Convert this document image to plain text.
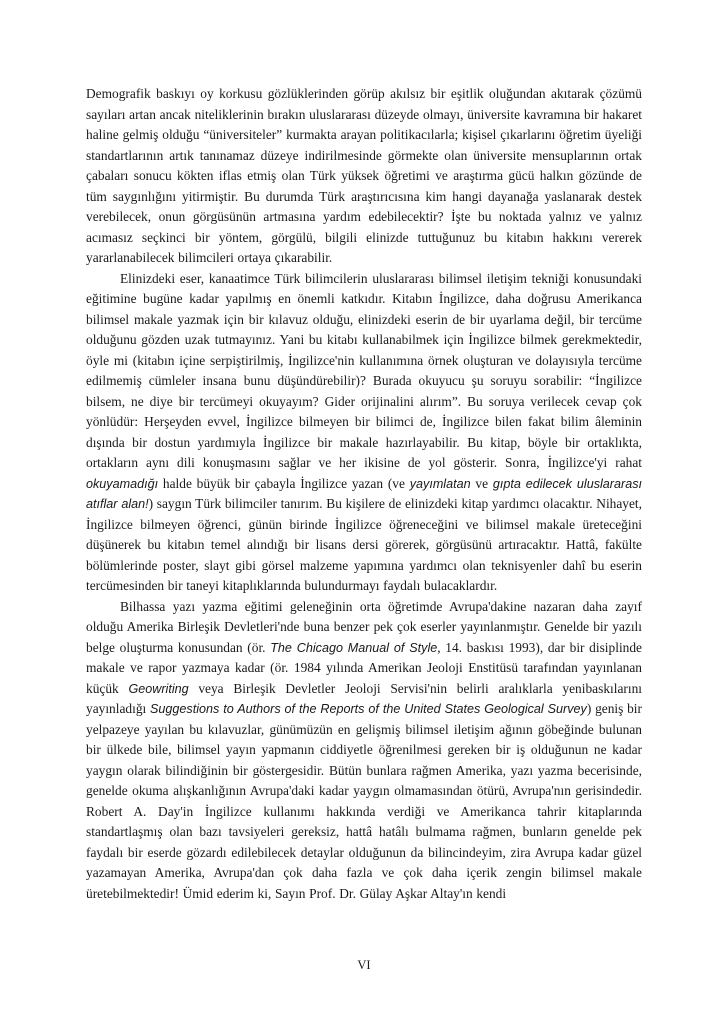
Demografik baskıyı oy korkusu gözlüklerinden görüp akılsız bir eşitlik oluğundan akıtarak çözümü sayıları artan ancak niteliklerinin bırakın uluslararası düzeyde olmayı, üniversite kavramına bir hakaret haline gelmiş olduğu “üniversiteler” kurmakta arayan politikacılarla; kişisel çıkarlarını öğretim üyeliği standartlarının artık tanınamaz düzeye indirilmesinde görmekte olan üniversite mensuplarının ortak çabaları sonucu kökten iflas etmiş olan Türk yüksek öğretimi ve araştırma gücü halkın gözünde de tüm saygınlığını yitirmiştir. Bu durumda Türk araştırıcısına kim hangi dayanağa yaslanarak destek verebilecek, onun görgüsünün artmasına yardım edebilecektir? İşte bu noktada yalnız ve yalnız acımasız seçkinci bir yöntem, görgülü, bilgili elinizde tuttuğunuz bu kitabın hakkını vererek yararlanabilecek bilimcileri ortaya çıkarabilir.

Elinizdeki eser, kanaatimce Türk bilimcilerin uluslararası bilimsel iletişim tekniği konusundaki eğitimine bugüne kadar yapılmış en önemli katkıdır. Kitabın İngilizce, daha doğrusu Amerikanca bilimsel makale yazmak için bir kılavuz olduğu, elinizdeki eserin de bir uyarlama değil, bir tercüme olduğunu gözden uzak tutmayınız. Yani bu kitabı kullanabilmek için İngilizce bilmek gerekmektedir, öyle mi (kitabın içine serpiştirilmiş, İngilizce'nin kullanımına örnek oluşturan ve dolayısıyla tercüme edilmemiş cümleler insana bunu düşündürebilir)? Burada okuyucu şu soruyu sorabilir: “İngilizce bilsem, ne diye bir tercümeyi okuyayım? Gider orijinalini alırım”. Bu soruya verilecek cevap çok yönlüdür: Herşeyden evvel, İngilizce bilmeyen bir bilimci de, İngilizce bilen fakat bilim âleminin dışında bir dostun yardımıyla İngilizce bir makale hazırlayabilir. Bu kitap, böyle bir ortaklıkta, ortakların aynı dili konuşmasını sağlar ve her ikisine de yol gösterir. Sonra, İngilizce'yi rahat okuyamadığı halde büyük bir çabayla İngilizce yazan (ve yayımlatan ve gıpta edilecek uluslararası atıflar alan!) saygın Türk bilimciler tanırım. Bu kişilere de elinizdeki kitap yardımcı olacaktır. Nihayet, İngilizce bilmeyen öğrenci, günün birinde İngilizce öğreneceğini ve bilimsel makale üreteceğini düşünerek bu kitabın temel alındığı bir lisans dersi görerek, görgüsünü artıracaktır. Hattâ, fakülte bölümlerinde poster, slayt gibi görsel malzeme yapımına yardımcı olan teknisyenler dahî bu eserin tercümesinden bir taneyi kitaplıklarında bulundurmayı faydalı bulacaklardır.

Bilhassa yazı yazma eğitimi geleneğinin orta öğretimde Avrupa'dakine nazaran daha zayıf olduğu Amerika Birleşik Devletleri'nde buna benzer pek çok eserler yayınlanmıştır. Genelde bir yazılı belge oluşturma konusundan (ör. The Chicago Manual of Style, 14. baskısı 1993), dar bir disiplinde makale ve rapor yazmaya kadar (ör. 1984 yılında Amerikan Jeoloji Enstitüsü tarafından yayınlanan küçük Geowriting veya Birleşik Devletler Jeoloji Servisi'nin belirli aralıklarla yenibaskılarını yayınladığı Suggestions to Authors of the Reports of the United States Geological Survey) geniş bir yelpazeye yayılan bu kılavuzlar, günümüzün en gelişmiş bilimsel iletişim ağının göbeğinde bulunan bir ülkede bile, bilimsel yayın yapmanın ciddiyetle öğrenilmesi gereken bir iş olduğunun ne kadar yaygın olarak bilindiğinin bir göstergesidir. Bütün bunlara rağmen Amerika, yazı yazma becerisinde, genelde okuma alışkanlığının Avrupa'daki kadar yaygın olmamasından ötürü, Avrupa'nın gerisindedir. Robert A. Day'in İngilizce kullanımı hakkında verdiği ve Amerikanca tahrir kitaplarında standartlaşmış olan bazı tavsiyeleri gereksiz, hattâ hatâlı bulmama rağmen, bunların genelde pek faydalı bir eserde gözardı edilebilecek detaylar olduğunun da bilincindeyim, zira Avrupa kadar güzel yazamayan Amerika, Avrupa'dan çok daha fazla ve çok daha içerik zengin bilimsel makale üretebilmektedir! Ümid ederim ki, Sayın Prof. Dr. Gülay Aşkar Altay'ın kendi

VI
